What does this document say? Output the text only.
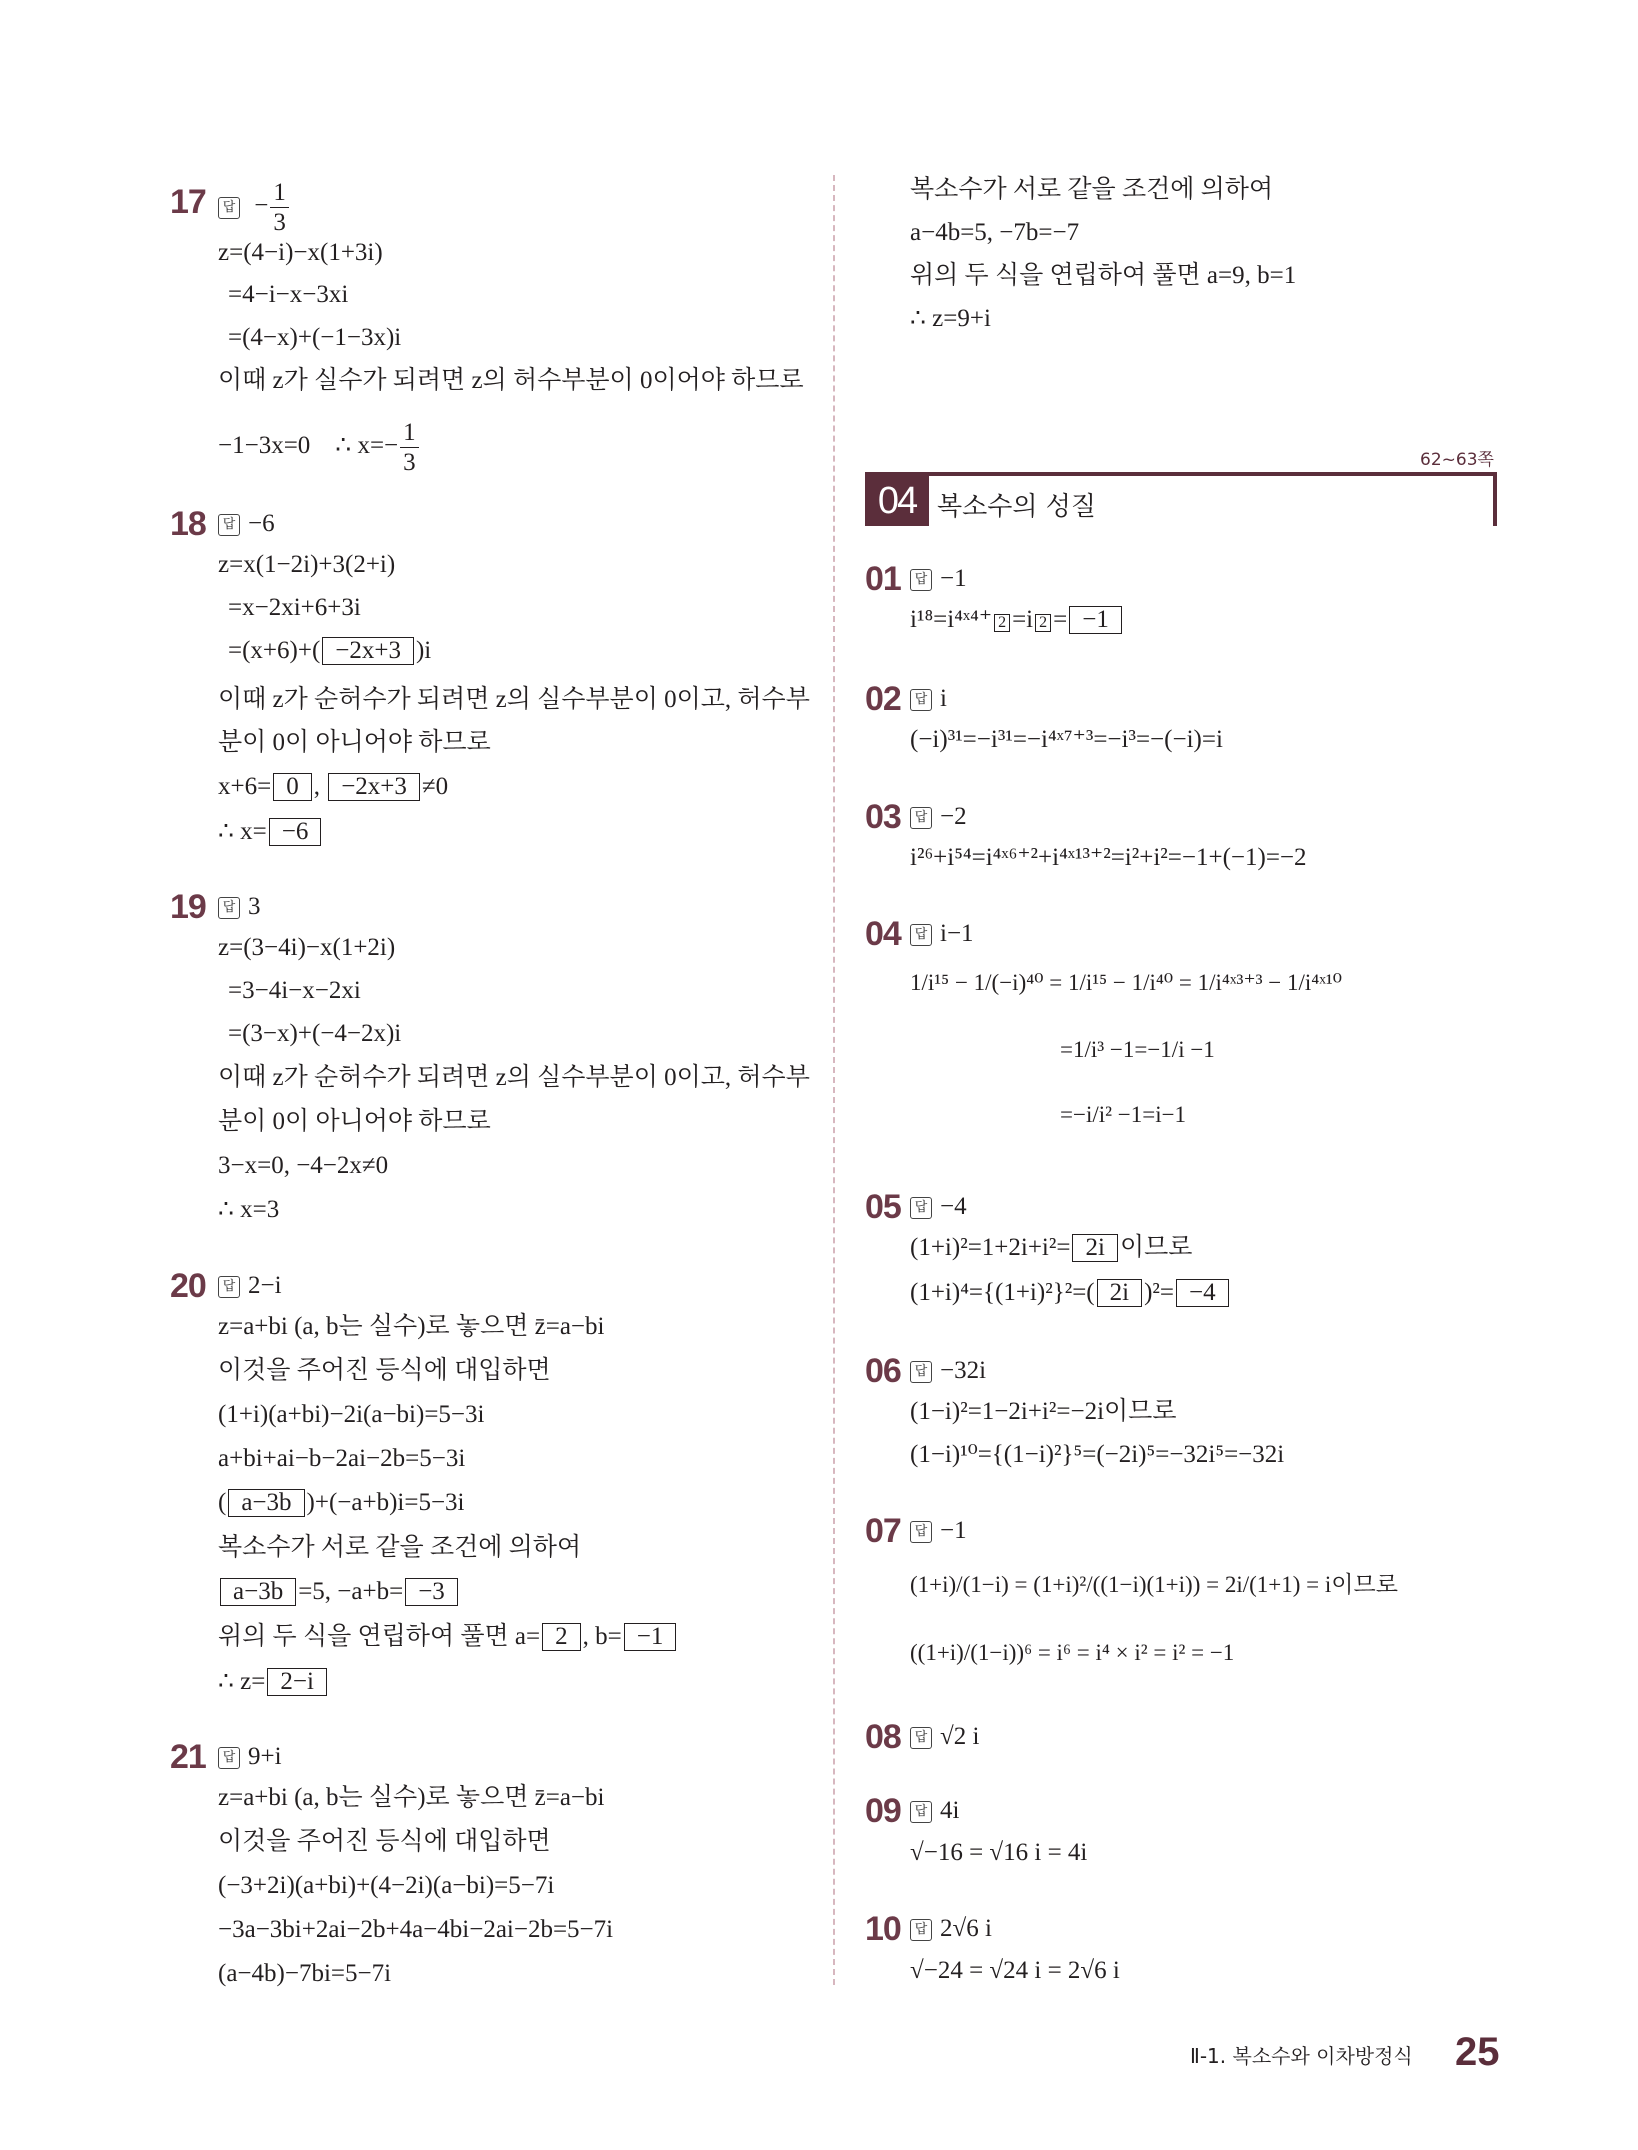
17	답 − $\frac{1}{3}$
z=(4−i)−x(1+3i)
=4−i−x−3xi
=(4−x)+(−1−3x)i
이때 z가 실수가 되려면 z의 허수부분이 0이어야 하므로
−1−3x=0    ∴ $x=- \frac{1}{3}$
18	답 −6
z=x(1−2i)+3(2+i)
=x−2xi+6+3i
=(x+6)+( −2x+3 )i
이때 z가 순허수가 되려면 z의 실수부분이 0이고, 허수부
분이 0이 아니어야 하므로
x+6= 0 , −2x+3 ≠0
∴ x= −6
19	답 3
z=(3−4i)−x(1+2i)
=3−4i−x−2xi
=(3−x)+(−4−2x)i
이때 z가 순허수가 되려면 z의 실수부분이 0이고, 허수부
분이 0이 아니어야 하므로
3−x=0, −4−2x≠0
∴ x=3
20	답 2−i
z=a+bi (a, b는 실수)로 놓으면 z̄=a−bi
이것을 주어진 등식에 대입하면
(1+i)(a+bi)−2i(a−bi)=5−3i
a+bi+ai−b−2ai−2b=5−3i
( a−3b )+(−a+b)i=5−3i
복소수가 서로 같을 조건에 의하여
a−3b =5, −a+b= −3
위의 두 식을 연립하여 풀면 a= 2 , b= −1
∴ z= 2−i
21	답 9+i
z=a+bi (a, b는 실수)로 놓으면 z̄=a−bi
이것을 주어진 등식에 대입하면
(−3+2i)(a+bi)+(4−2i)(a−bi)=5−7i
−3a−3bi+2ai−2b+4a−4bi−2ai−2b=5−7i
(a−4b)−7bi=5−7i
복소수가 서로 같을 조건에 의하여
a−4b=5, −7b=−7
위의 두 식을 연립하여 풀면 a=9, b=1
∴ z=9+i
62~63쪽
04 복소수의 성질
01	답 −1
i¹⁸=i⁴ˣ⁴⁺ 2 =i 2 = −1
02	답 i
(−i)³¹=−i³¹=−i⁴ˣ⁷⁺³=−i³=−(−i)=i
03	답 −2
i²⁶+i⁵⁴=i⁴ˣ⁶⁺²+i⁴ˣ¹³⁺²=i²+i²=−1+(−1)=−2
04	답 i−1
1/i¹⁵ − 1/(−i)⁴⁰ = 1/i¹⁵ − 1/i⁴⁰ = 1/i⁴ˣ³⁺³ − 1/i⁴ˣ¹⁰
=1/i³ −1=−1/i −1
=−i/i² −1=i−1
05	답 −4
(1+i)²=1+2i+i²= 2i 이므로
(1+i)⁴={(1+i)²}²=( 2i )²= −4
06	답 −32i
(1−i)²=1−2i+i²=−2i이므로
(1−i)¹⁰={(1−i)²}⁵=(−2i)⁵=−32i⁵=−32i
07	답 −1
(1+i)/(1−i) = (1+i)²/((1−i)(1+i)) = 2i/(1+1) = i이므로
((1+i)/(1−i))⁶ = i⁶ = i⁴ × i² = i² = −1
08	답 √2 i
09	답 4i
√−16 = √16 i = 4i
10	답 2√6 i
√−24 = √24 i = 2√6 i
Ⅱ-1. 복소수와 이차방정식 25
